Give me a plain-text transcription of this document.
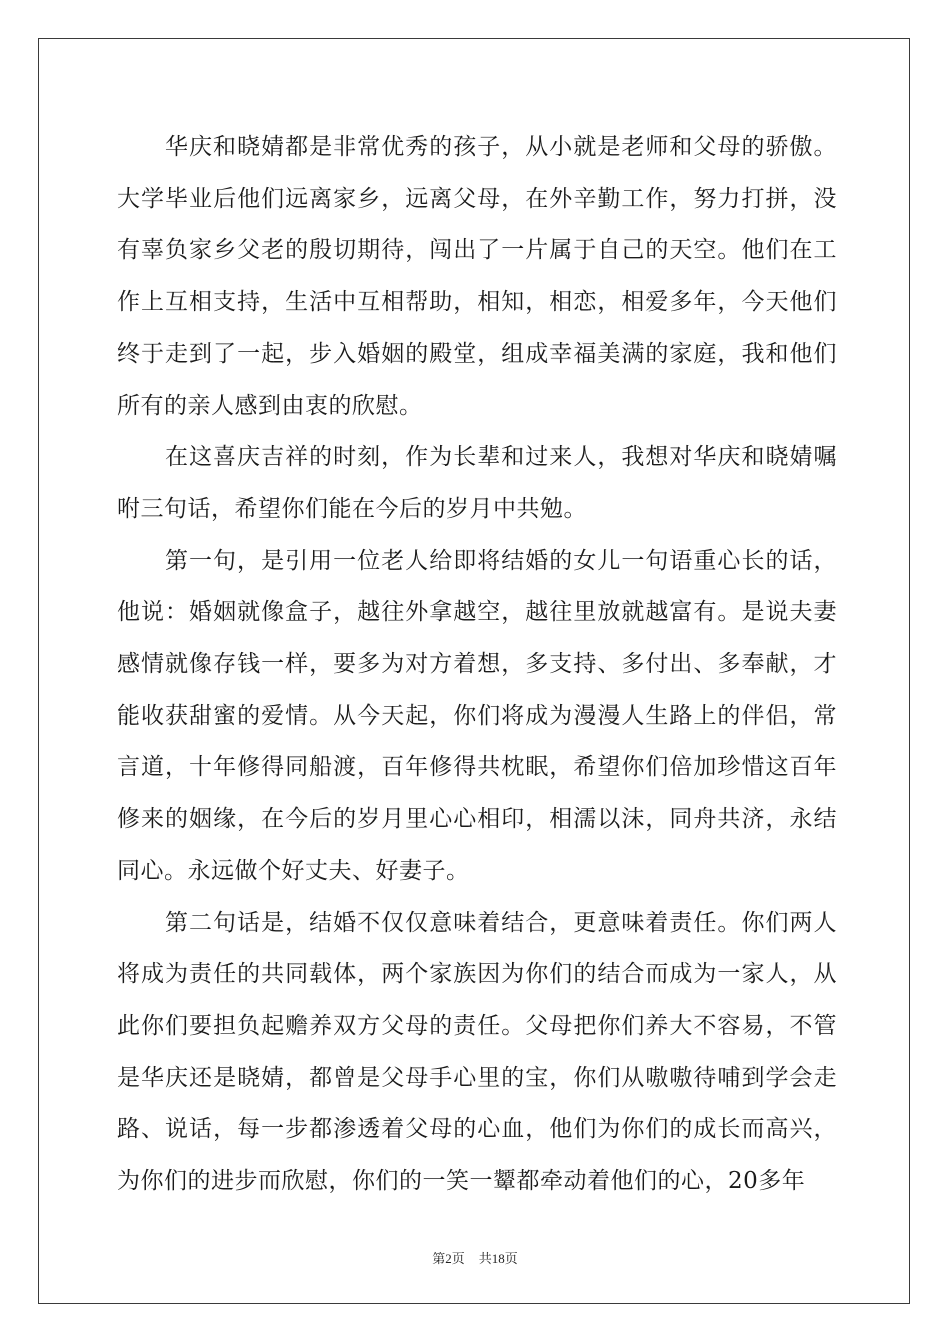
华庆和晓婧都是非常优秀的孩子，从小就是老师和父母的骄傲。大学毕业后他们远离家乡，远离父母，在外辛勤工作，努力打拼，没有辜负家乡父老的殷切期待，闯出了一片属于自己的天空。他们在工作上互相支持，生活中互相帮助，相知，相恋，相爱多年，今天他们终于走到了一起，步入婚姻的殿堂，组成幸福美满的家庭，我和他们所有的亲人感到由衷的欣慰。

在这喜庆吉祥的时刻，作为长辈和过来人，我想对华庆和晓婧嘱咐三句话，希望你们能在今后的岁月中共勉。

第一句，是引用一位老人给即将结婚的女儿一句语重心长的话，他说：婚姻就像盒子，越往外拿越空，越往里放就越富有。是说夫妻感情就像存钱一样，要多为对方着想，多支持、多付出、多奉献，才能收获甜蜜的爱情。从今天起，你们将成为漫漫人生路上的伴侣，常言道，十年修得同船渡，百年修得共枕眠，希望你们倍加珍惜这百年修来的姻缘，在今后的岁月里心心相印，相濡以沫，同舟共济，永结同心。永远做个好丈夫、好妻子。

第二句话是，结婚不仅仅意味着结合，更意味着责任。你们两人将成为责任的共同载体，两个家族因为你们的结合而成为一家人，从此你们要担负起赡养双方父母的责任。父母把你们养大不容易，不管是华庆还是晓婧，都曾是父母手心里的宝，你们从嗷嗷待哺到学会走路、说话，每一步都渗透着父母的心血，他们为你们的成长而高兴，为你们的进步而欣慰，你们的一笑一颦都牵动着他们的心，20多年

第2页 共18页
